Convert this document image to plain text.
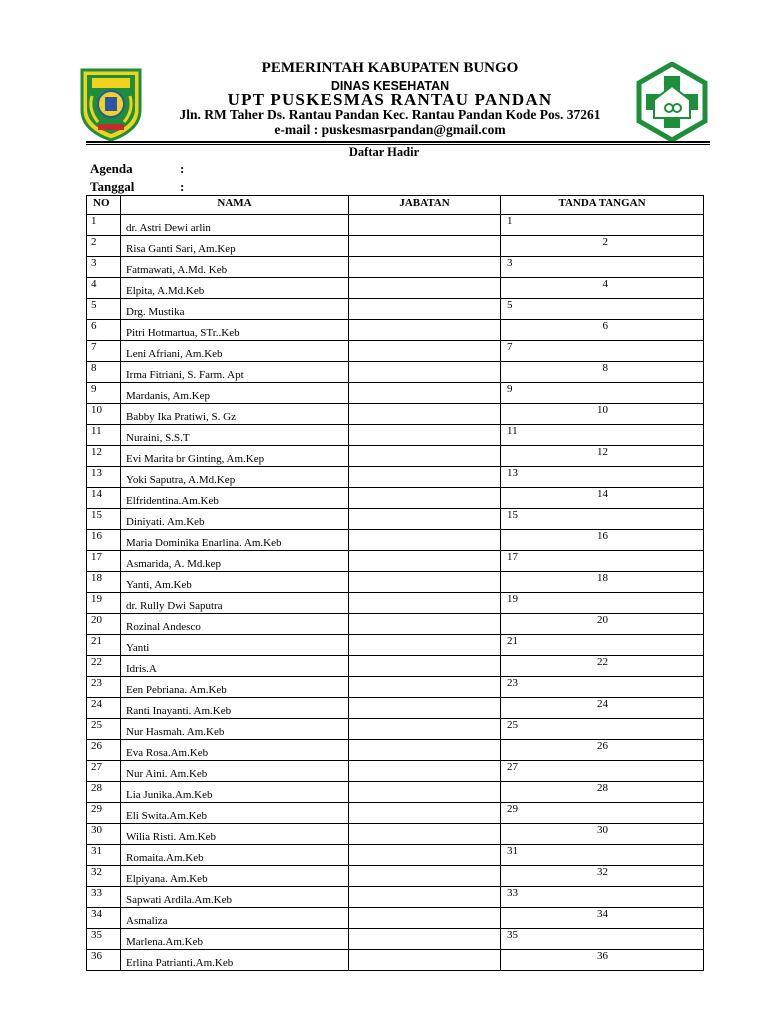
PEMERINTAH KABUPATEN BUNGO
DINAS KESEHATAN
UPT PUSKESMAS RANTAU PANDAN
Jln. RM Taher Ds. Rantau Pandan Kec. Rantau Pandan Kode Pos. 37261
e-mail : puskesmasrpandan@gmail.com
Daftar Hadir
Agenda	:
Tanggal	:
NO	NAMA	JABATAN	TANDA TANGAN
1	dr. Astri Dewi arlin		1

2	Risa Ganti Sari, Am.Kep		2

3	Fatmawati, A.Md. Keb		3

4	Elpita, A.Md.Keb		4

5	Drg. Mustika		5

6	Pitri Hotmartua, STr..Keb		6

7	Leni Afriani, Am.Keb		7

8	Irma Fitriani, S. Farm. Apt		8

9	Mardanis, Am.Kep		9

10	Babby Ika Pratiwi, S. Gz		10

11	Nuraini, S.S.T		11

12	Evi Marita br Ginting, Am.Kep		12

13	Yoki Saputra, A.Md.Kep		13

14	Elfridentina.Am.Keb		14

15	Diniyati. Am.Keb		15

16	Maria Dominika Enarlina. Am.Keb		16

17	Asmarida, A. Md.kep		17

18	Yanti, Am.Keb		18

19	dr. Rully Dwi Saputra		19

20	Rozinal Andesco		20

21	Yanti		21

22	Idris.A		22

23	Een Pebriana. Am.Keb		23

24	Ranti Inayanti. Am.Keb		24

25	Nur Hasmah. Am.Keb		25

26	Eva Rosa.Am.Keb		26

27	Nur Aini. Am.Keb		27

28	Lia Junika.Am.Keb		28

29	Eli Swita.Am.Keb		29

30	Wilia Risti. Am.Keb		30

31	Romaita.Am.Keb		31

32	Elpiyana. Am.Keb		32

33	Sapwati Ardila.Am.Keb		33

34	Asmaliza		34

35	Marlena.Am.Keb		35

36	Erlina Patrianti.Am.Keb		36
